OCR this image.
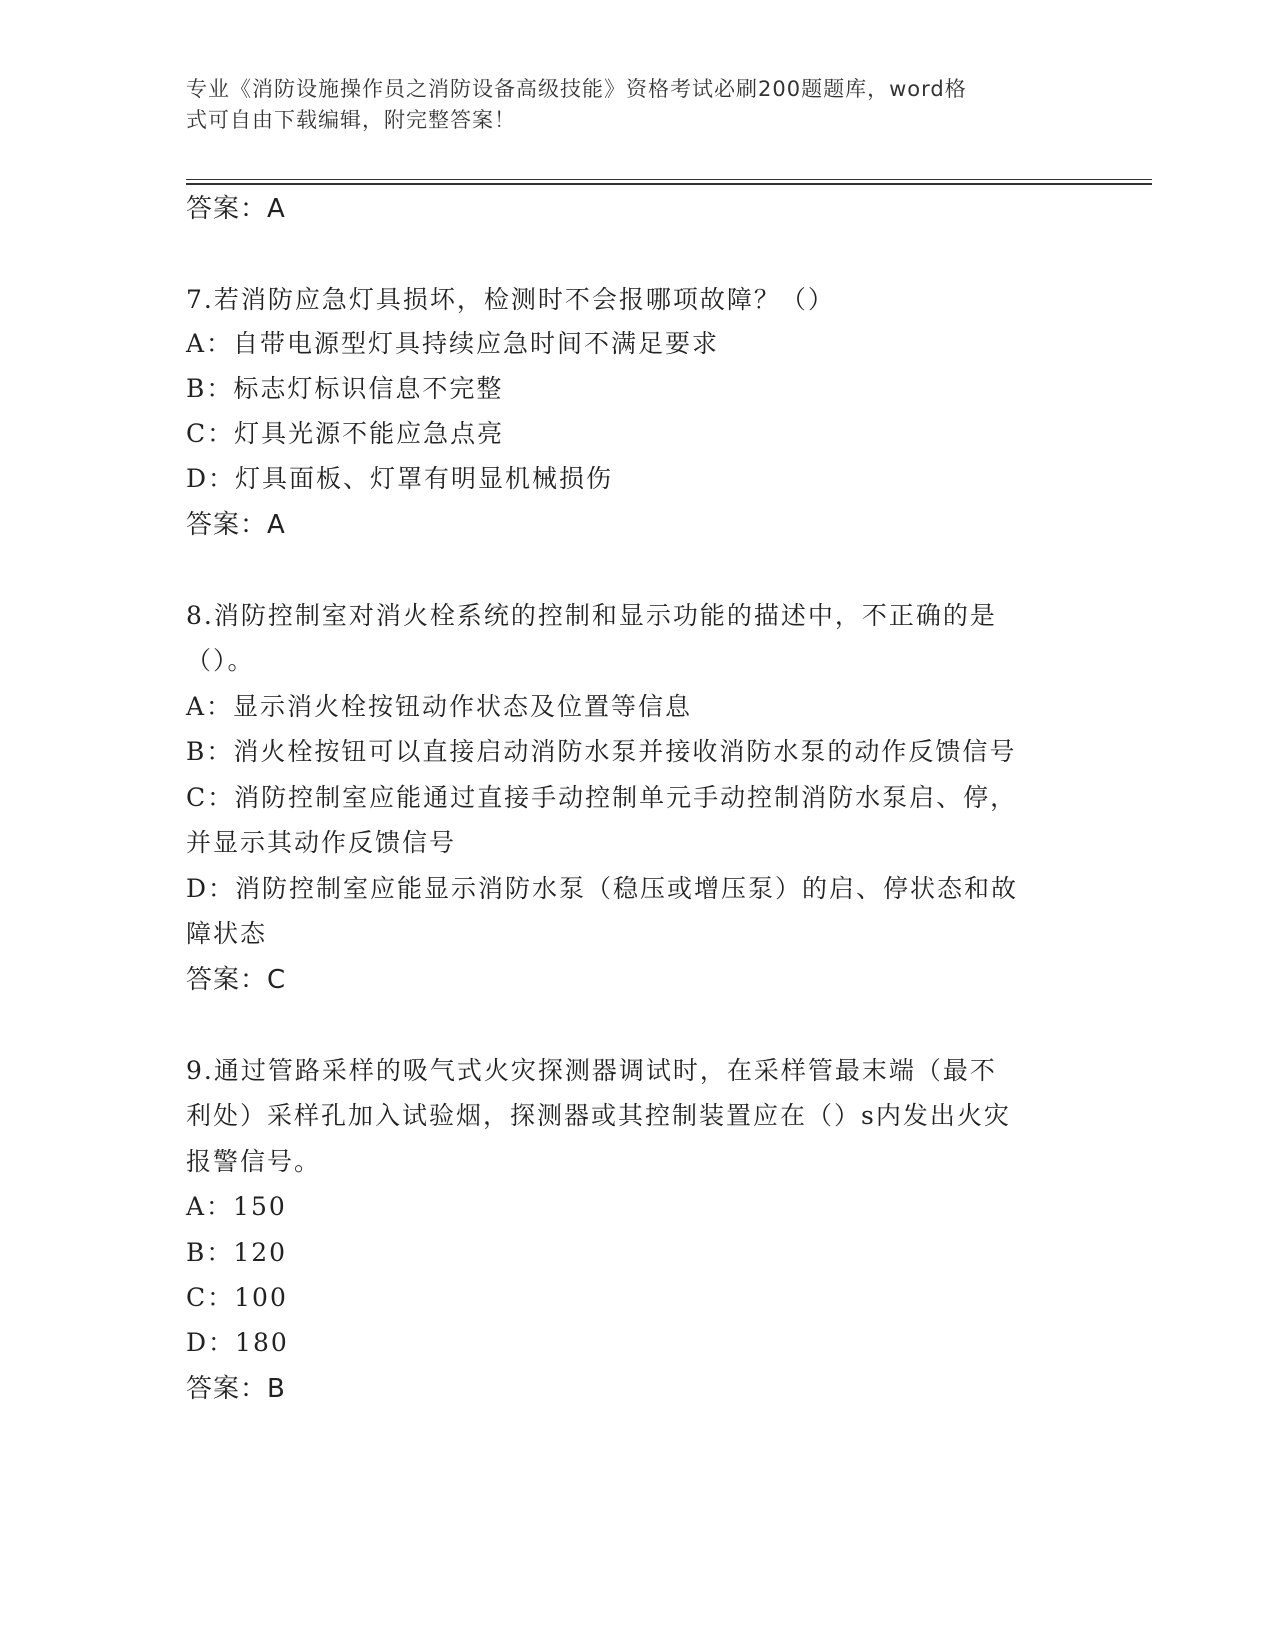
专业《消防设施操作员之消防设备高级技能》资格考试必刷200题题库，word格
式可自由下载编辑，附完整答案！
答案：A
7.若消防应急灯具损坏，检测时不会报哪项故障？（）
A：自带电源型灯具持续应急时间不满足要求
B：标志灯标识信息不完整
C：灯具光源不能应急点亮
D：灯具面板、灯罩有明显机械损伤
答案：A
8.消防控制室对消火栓系统的控制和显示功能的描述中，不正确的是
（）。
A：显示消火栓按钮动作状态及位置等信息
B：消火栓按钮可以直接启动消防水泵并接收消防水泵的动作反馈信号
C：消防控制室应能通过直接手动控制单元手动控制消防水泵启、停，
并显示其动作反馈信号
D：消防控制室应能显示消防水泵（稳压或增压泵）的启、停状态和故
障状态
答案：C
9.通过管路采样的吸气式火灾探测器调试时，在采样管最末端（最不
利处）采样孔加入试验烟，探测器或其控制装置应在（）s内发出火灾
报警信号。
A：150
B：120
C：100
D：180
答案：B
